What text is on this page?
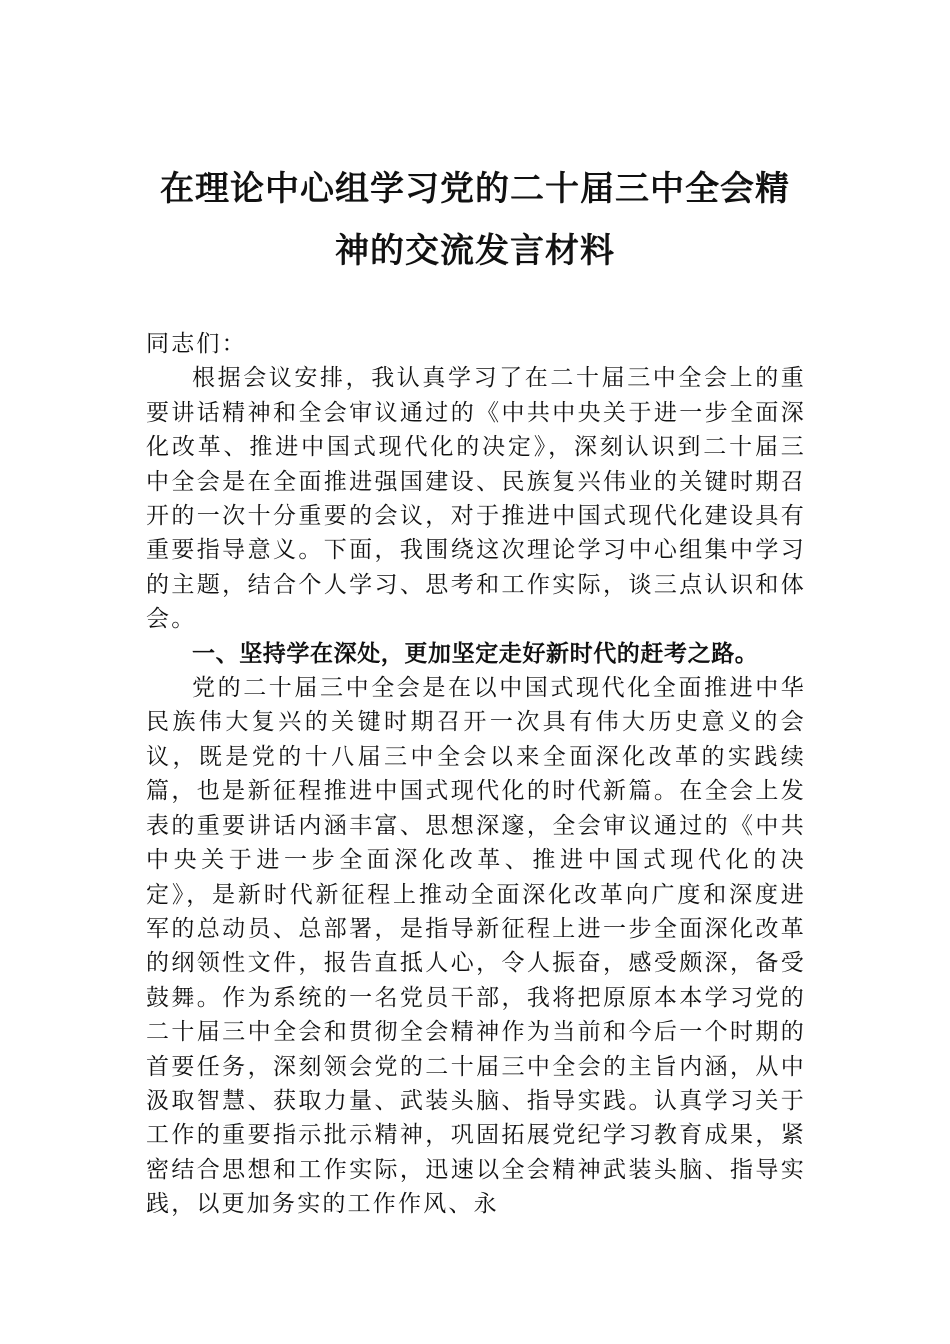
在理论中心组学习党的二十届三中全会精
神的交流发言材料

同志们：

根据会议安排，我认真学习了在二十届三中全会上的重要讲话精神和全会审议通过的《中共中央关于进一步全面深化改革、推进中国式现代化的决定》，深刻认识到二十届三中全会是在全面推进强国建设、民族复兴伟业的关键时期召开的一次十分重要的会议，对于推进中国式现代化建设具有重要指导意义。下面，我围绕这次理论学习中心组集中学习的主题，结合个人学习、思考和工作实际，谈三点认识和体会。

一、坚持学在深处，更加坚定走好新时代的赶考之路。

党的二十届三中全会是在以中国式现代化全面推进中华民族伟大复兴的关键时期召开一次具有伟大历史意义的会议，既是党的十八届三中全会以来全面深化改革的实践续篇，也是新征程推进中国式现代化的时代新篇。在全会上发表的重要讲话内涵丰富、思想深邃，全会审议通过的《中共中央关于进一步全面深化改革、推进中国式现代化的决定》，是新时代新征程上推动全面深化改革向广度和深度进军的总动员、总部署，是指导新征程上进一步全面深化改革的纲领性文件，报告直抵人心，令人振奋，感受颇深，备受鼓舞。作为系统的一名党员干部，我将把原原本本学习党的二十届三中全会和贯彻全会精神作为当前和今后一个时期的首要任务，深刻领会党的二十届三中全会的主旨内涵，从中汲取智慧、获取力量、武装头脑、指导实践。认真学习关于工作的重要指示批示精神，巩固拓展党纪学习教育成果，紧密结合思想和工作实际，迅速以全会精神武装头脑、指导实践，以更加务实的工作作风、永
